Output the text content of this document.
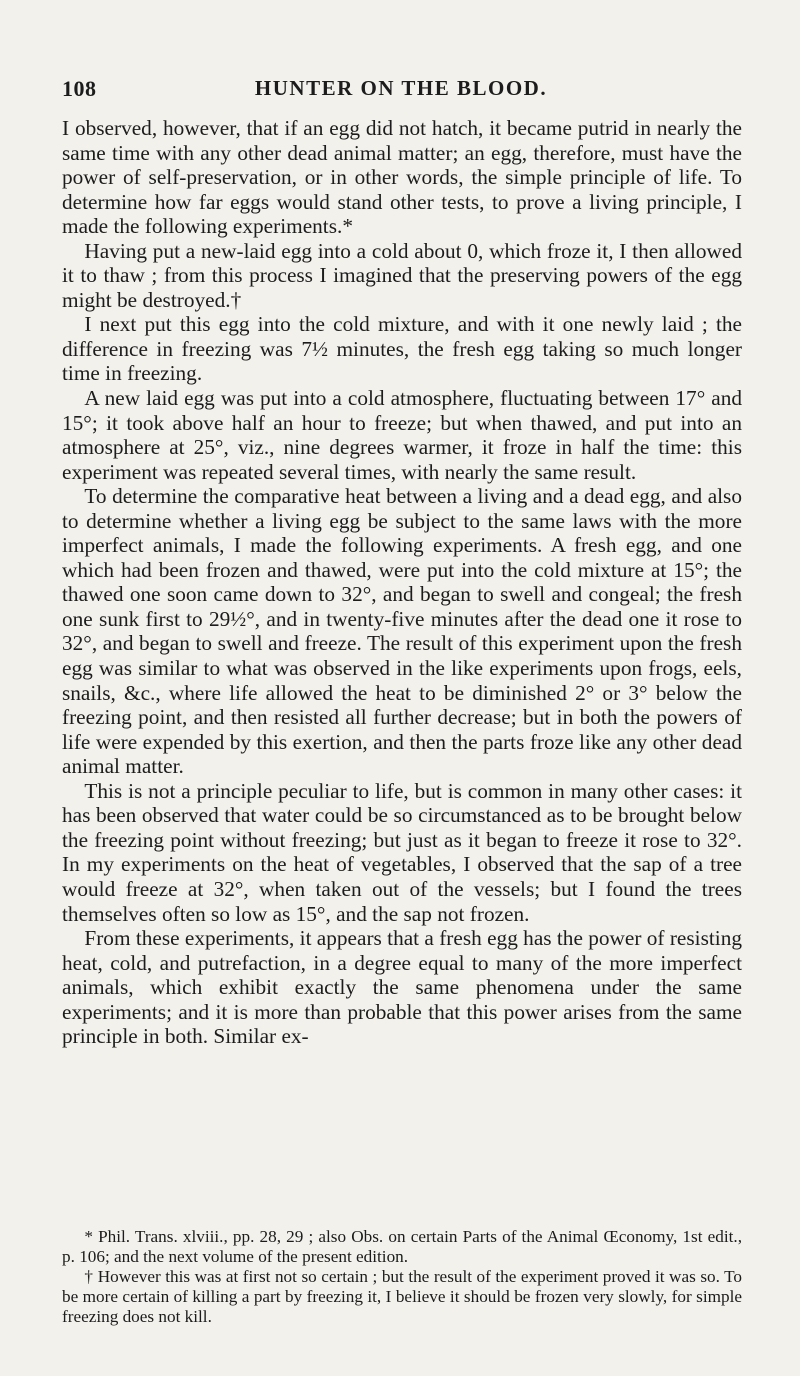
108	HUNTER ON THE BLOOD.

I observed, however, that if an egg did not hatch, it became putrid in nearly the same time with any other dead animal matter; an egg, therefore, must have the power of self-preservation, or in other words, the simple principle of life. To determine how far eggs would stand other tests, to prove a living principle, I made the following experiments.*

Having put a new-laid egg into a cold about 0, which froze it, I then allowed it to thaw ; from this process I imagined that the preserving powers of the egg might be destroyed.†

I next put this egg into the cold mixture, and with it one newly laid ; the difference in freezing was 7½ minutes, the fresh egg taking so much longer time in freezing.

A new laid egg was put into a cold atmosphere, fluctuating between 17° and 15°; it took above half an hour to freeze; but when thawed, and put into an atmosphere at 25°, viz., nine degrees warmer, it froze in half the time: this experiment was repeated several times, with nearly the same result.

To determine the comparative heat between a living and a dead egg, and also to determine whether a living egg be subject to the same laws with the more imperfect animals, I made the following experiments. A fresh egg, and one which had been frozen and thawed, were put into the cold mixture at 15°; the thawed one soon came down to 32°, and began to swell and congeal; the fresh one sunk first to 29½°, and in twenty-five minutes after the dead one it rose to 32°, and began to swell and freeze. The result of this experiment upon the fresh egg was similar to what was observed in the like experiments upon frogs, eels, snails, &c., where life allowed the heat to be diminished 2° or 3° below the freezing point, and then resisted all further decrease; but in both the powers of life were expended by this exertion, and then the parts froze like any other dead animal matter.

This is not a principle peculiar to life, but is common in many other cases: it has been observed that water could be so circumstanced as to be brought below the freezing point without freezing; but just as it began to freeze it rose to 32°. In my experiments on the heat of vegetables, I observed that the sap of a tree would freeze at 32°, when taken out of the vessels; but I found the trees themselves often so low as 15°, and the sap not frozen.

From these experiments, it appears that a fresh egg has the power of resisting heat, cold, and putrefaction, in a degree equal to many of the more imperfect animals, which exhibit exactly the same phenomena under the same experiments; and it is more than probable that this power arises from the same principle in both. Similar ex-

* Phil. Trans. xlviii., pp. 28, 29 ; also Obs. on certain Parts of the Animal Œconomy, 1st edit., p. 106; and the next volume of the present edition.

† However this was at first not so certain ; but the result of the experiment proved it was so. To be more certain of killing a part by freezing it, I believe it should be frozen very slowly, for simple freezing does not kill.
